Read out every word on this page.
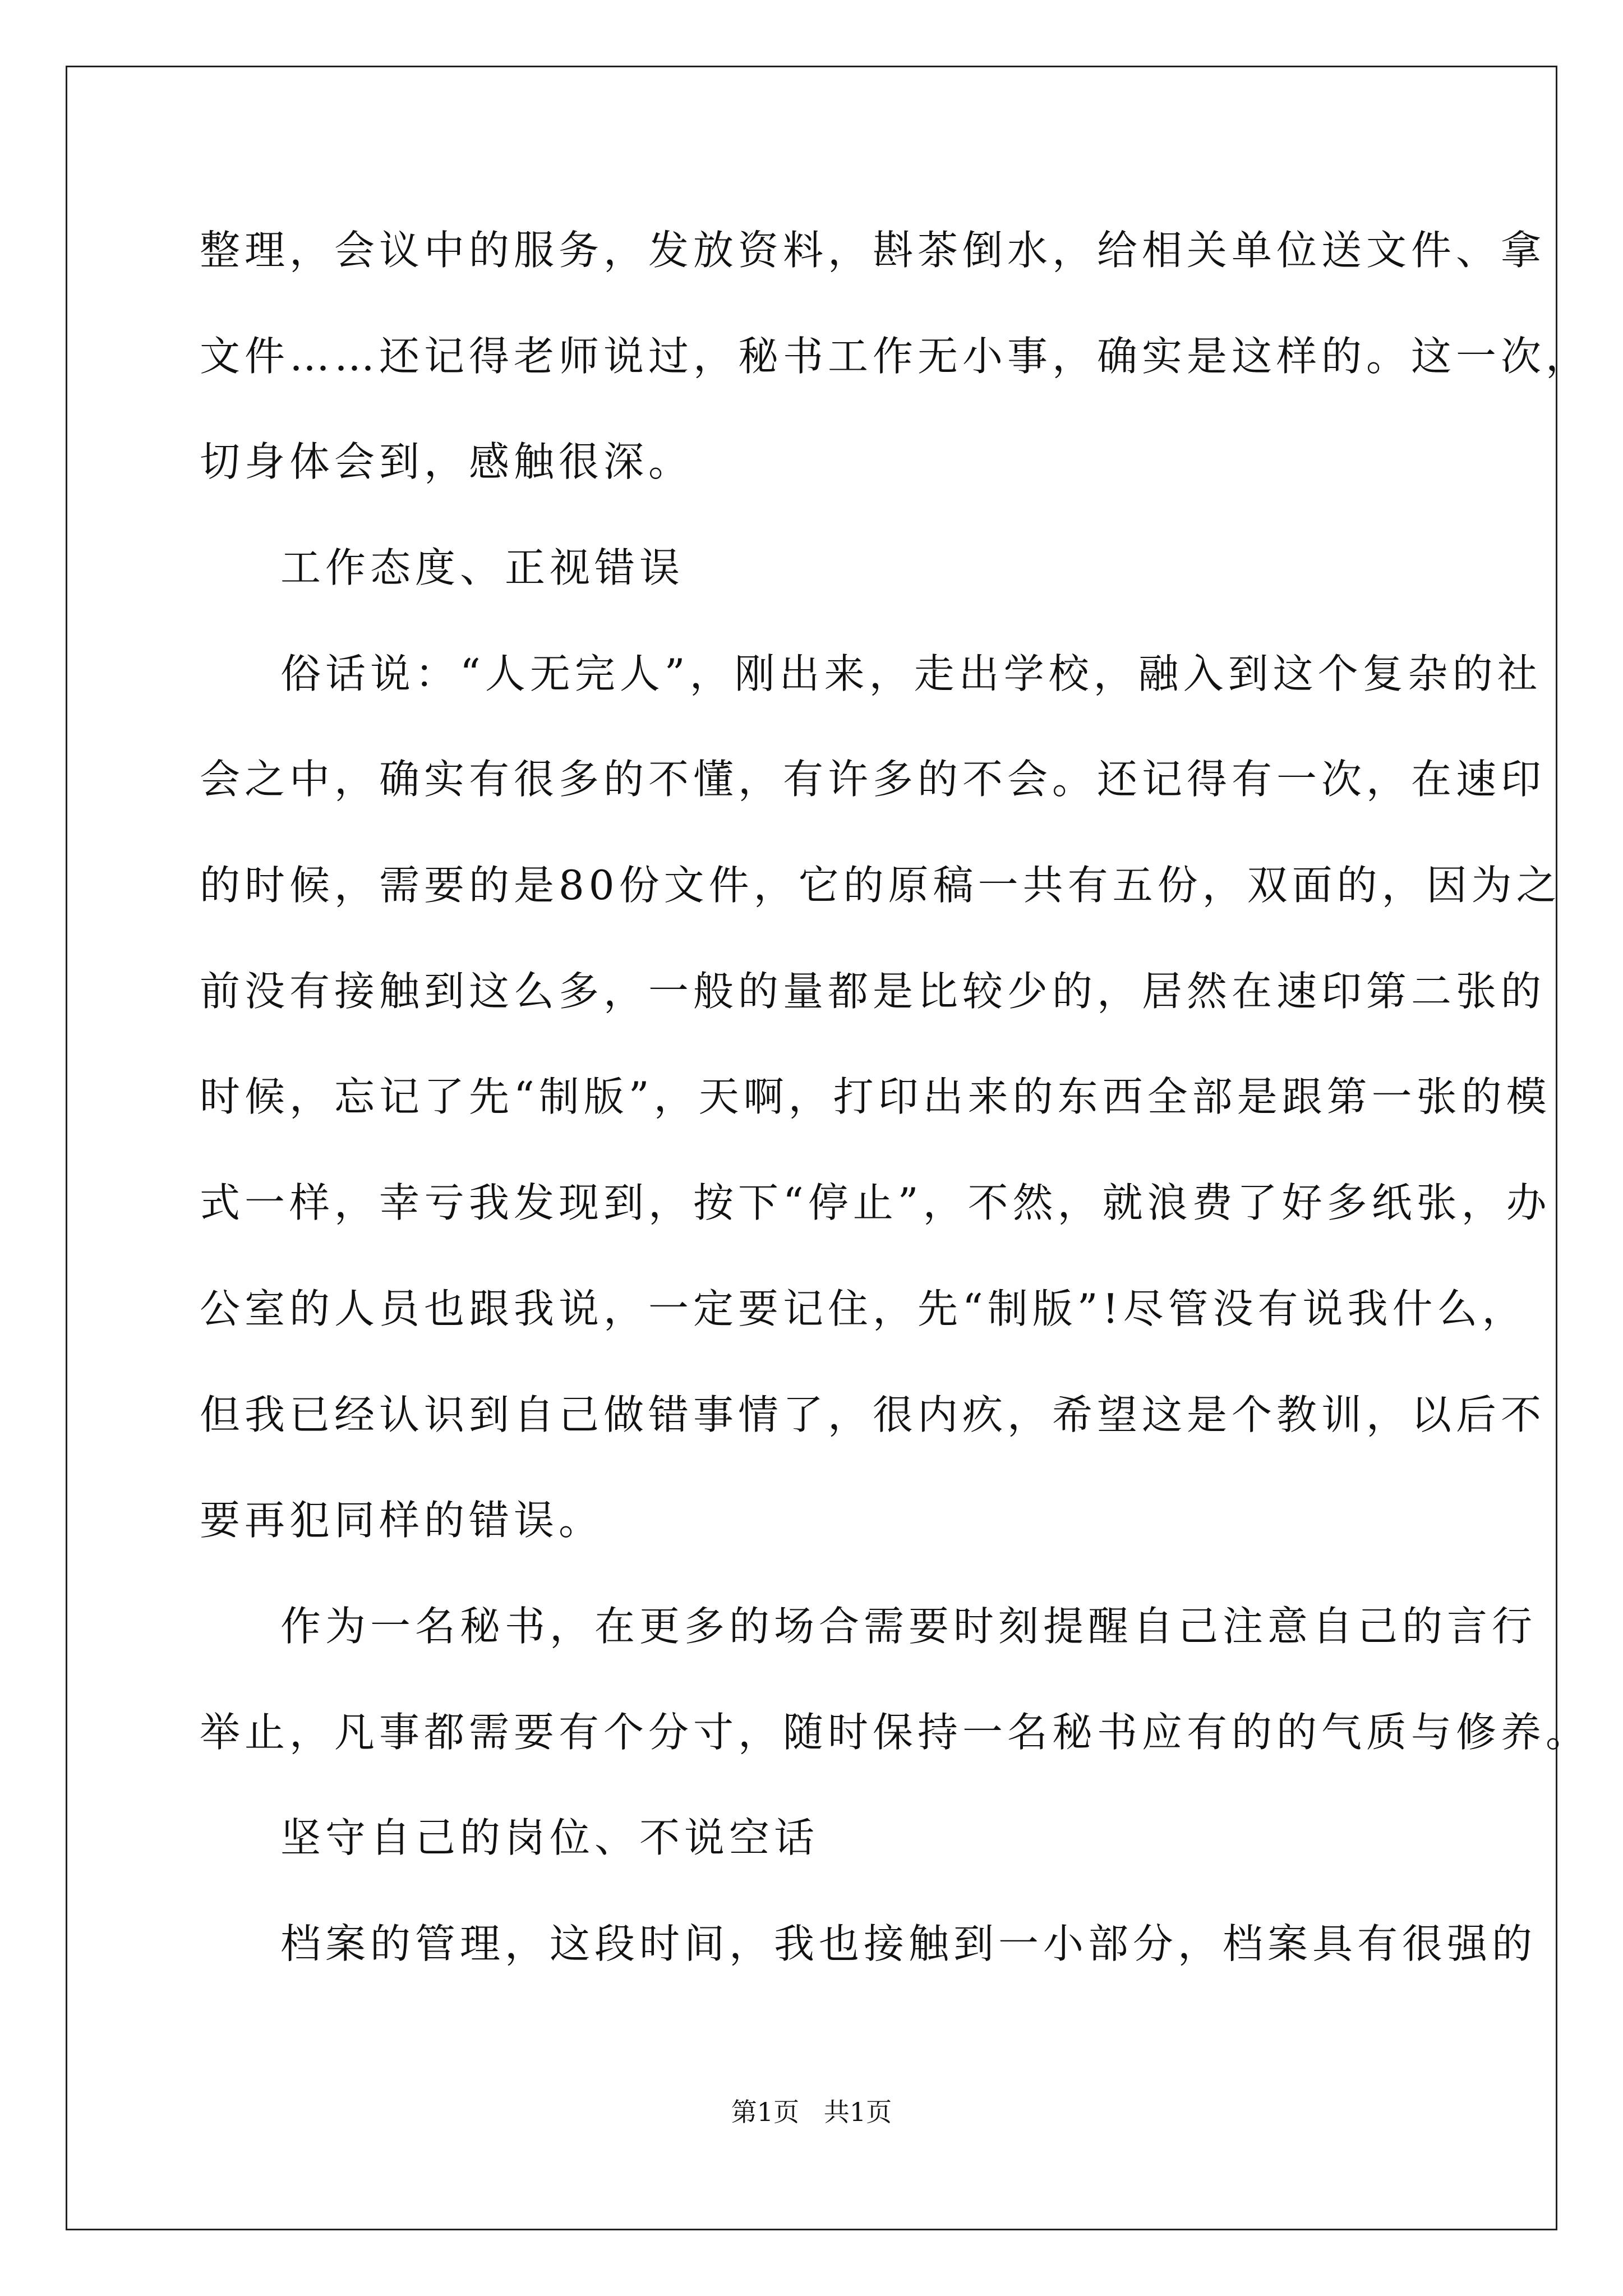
整理，会议中的服务，发放资料，斟茶倒水，给相关单位送文件、拿
文件……还记得老师说过，秘书工作无小事，确实是这样的。这一次，
切身体会到，感触很深。
工作态度、正视错误
俗话说：“人无完人”，刚出来，走出学校，融入到这个复杂的社
会之中，确实有很多的不懂，有许多的不会。还记得有一次，在速印
的时候，需要的是80份文件，它的原稿一共有五份，双面的，因为之
前没有接触到这么多，一般的量都是比较少的，居然在速印第二张的
时候，忘记了先“制版”，天啊，打印出来的东西全部是跟第一张的模
式一样，幸亏我发现到，按下“停止”，不然，就浪费了好多纸张，办
公室的人员也跟我说，一定要记住，先“制版”!尽管没有说我什么，
但我已经认识到自己做错事情了，很内疚，希望这是个教训，以后不
要再犯同样的错误。
作为一名秘书，在更多的场合需要时刻提醒自己注意自己的言行
举止，凡事都需要有个分寸，随时保持一名秘书应有的的气质与修养。
坚守自己的岗位、不说空话
档案的管理，这段时间，我也接触到一小部分，档案具有很强的
第1页   共1页
